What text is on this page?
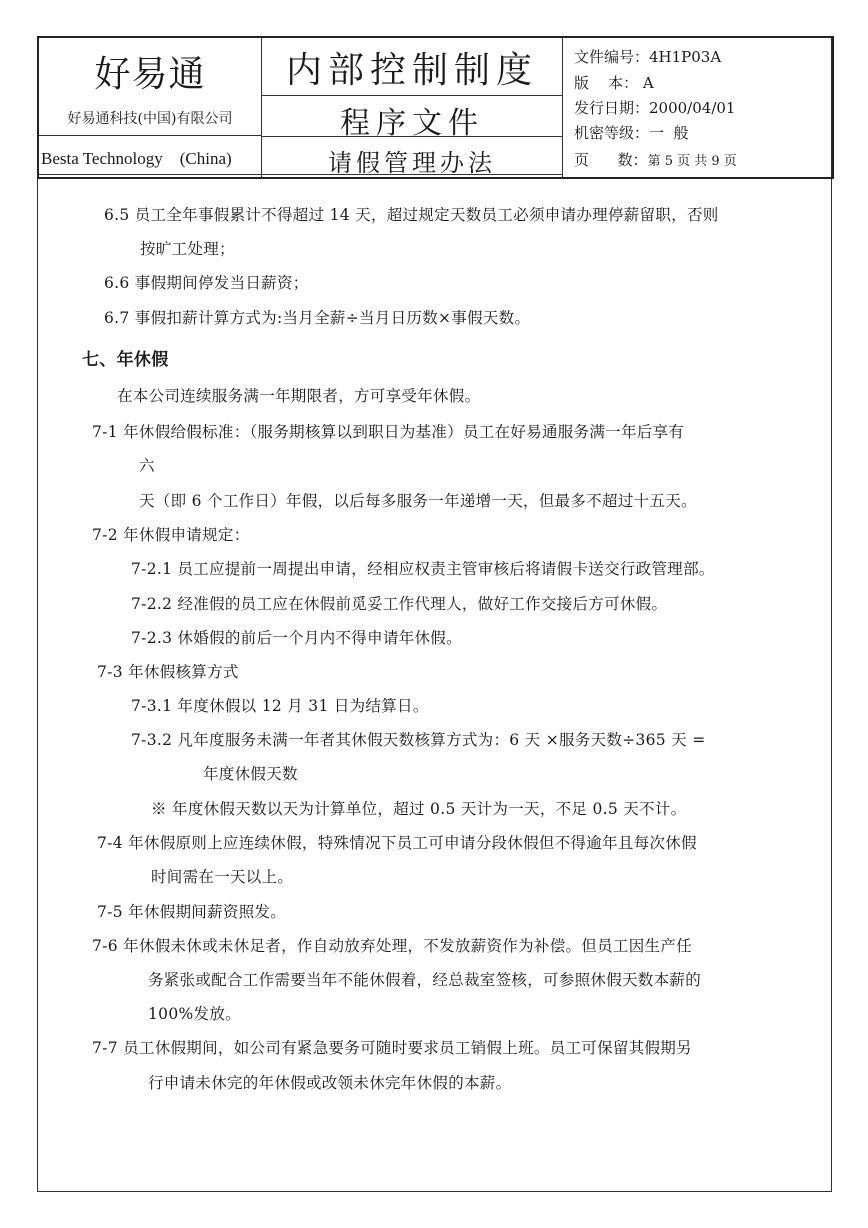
好易通
好易通科技(中国)有限公司
Besta Technology    (China)
内部控制制度
程序文件
请假管理办法
文件编号：4H1P03A
版    本： A
发行日期：2000/04/01
机密等级：一  般
页      数：第 5 页 共 9 页
6.5 员工全年事假累计不得超过 14 天，超过规定天数员工必须申请办理停薪留职，否则
按旷工处理；
6.6 事假期间停发当日薪资；
6.7 事假扣薪计算方式为:当月全薪÷当月日历数×事假天数。
七、年休假
在本公司连续服务满一年期限者，方可享受年休假。
7-1 年休假给假标准：（服务期核算以到职日为基准）员工在好易通服务满一年后享有
六
天（即 6 个工作日）年假，以后每多服务一年递增一天，但最多不超过十五天。
7-2 年休假申请规定：
7-2.1 员工应提前一周提出申请，经相应权责主管审核后将请假卡送交行政管理部。
7-2.2 经准假的员工应在休假前觅妥工作代理人，做好工作交接后方可休假。
7-2.3 休婚假的前后一个月内不得申请年休假。
7-3 年休假核算方式
7-3.1 年度休假以 12 月 31 日为结算日。
7-3.2 凡年度服务未满一年者其休假天数核算方式为：6 天 ×服务天数÷365 天 =
年度休假天数
※ 年度休假天数以天为计算单位，超过 0.5 天计为一天，不足 0.5 天不计。
7-4 年休假原则上应连续休假，特殊情况下员工可申请分段休假但不得逾年且每次休假
时间需在一天以上。
7-5 年休假期间薪资照发。
7-6 年休假未休或未休足者，作自动放弃处理，不发放薪资作为补偿。但员工因生产任
务紧张或配合工作需要当年不能休假着，经总裁室签核，可参照休假天数本薪的
100%发放。
7-7 员工休假期间，如公司有紧急要务可随时要求员工销假上班。员工可保留其假期另
行申请未休完的年休假或改领未休完年休假的本薪。
